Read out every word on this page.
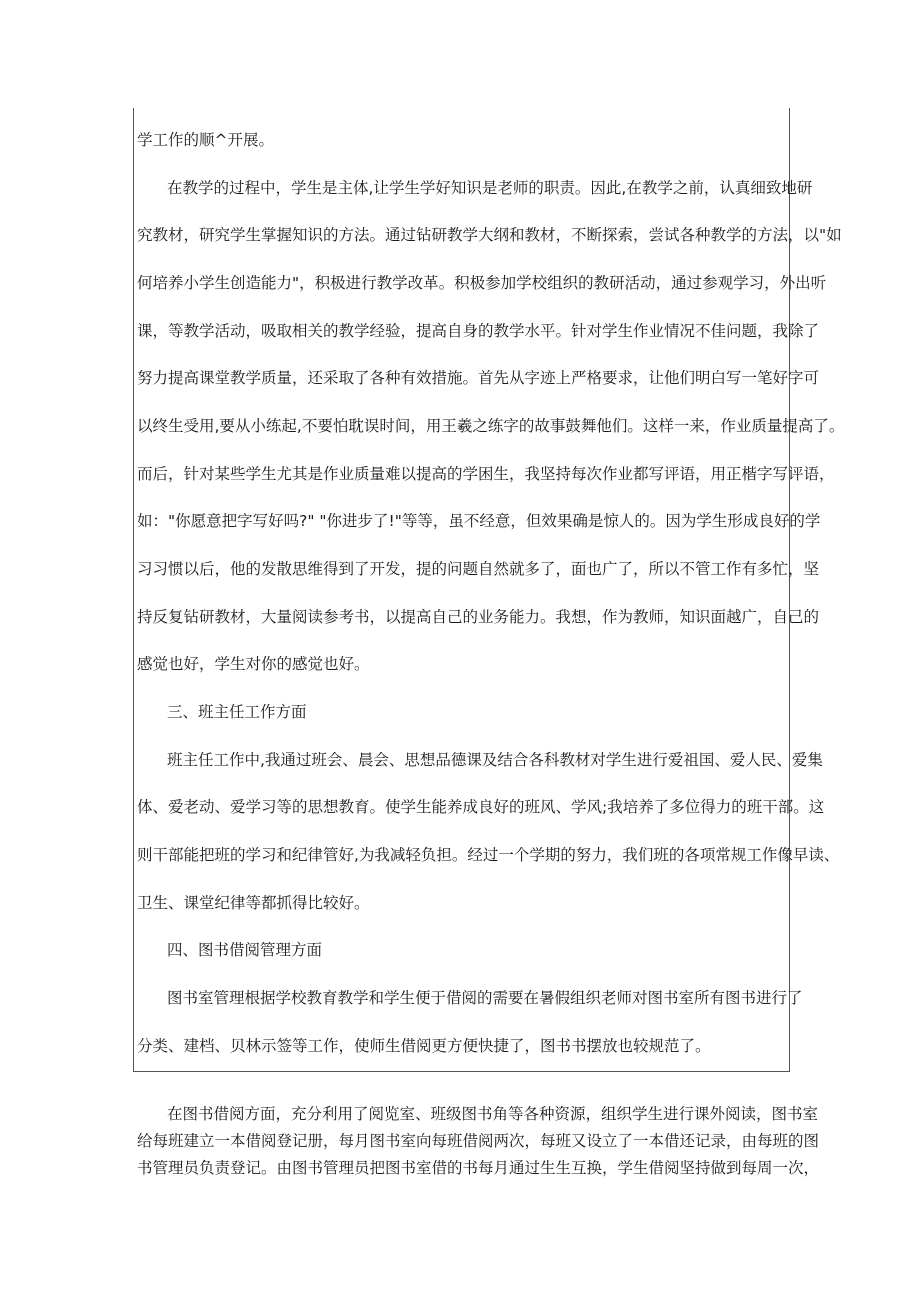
学工作的顺^开展。
在教学的过程中，学生是主体,让学生学好知识是老师的职责。因此,在教学之前，认真细致地研
究教材，研究学生掌握知识的方法。通过钻研教学大纲和教材，不断探索，尝试各种教学的方法，以"如
何培养小学生创造能力"，积极进行教学改革。积极参加学校组织的教研活动，通过参观学习，外出听
课，等教学活动，吸取相关的教学经验，提高自身的教学水平。针对学生作业情况不佳问题，我除了
努力提高课堂教学质量，还采取了各种有效措施。首先从字迹上严格要求，让他们明白写一笔好字可
以终生受用,要从小练起,不要怕耽误时间，用王羲之练字的故事鼓舞他们。这样一来，作业质量提高了。
而后，针对某些学生尤其是作业质量难以提高的学困生，我坚持每次作业都写评语，用正楷字写评语，
如："你愿意把字写好吗?" "你进步了!"等等，虽不经意，但效果确是惊人的。因为学生形成良好的学
习习惯以后，他的发散思维得到了开发，提的问题自然就多了，面也广了，所以不管工作有多忙，坚
持反复钻研教材，大量阅读参考书，以提高自己的业务能力。我想，作为教师，知识面越广，自己的
感觉也好，学生对你的感觉也好。
三、班主任工作方面
班主任工作中,我通过班会、晨会、思想品德课及结合各科教材对学生进行爱祖国、爱人民、爱集
体、爱老动、爱学习等的思想教育。使学生能养成良好的班风、学风;我培养了多位得力的班干部。这
则干部能把班的学习和纪律管好,为我减轻负担。经过一个学期的努力，我们班的各项常规工作像早读、
卫生、课堂纪律等都抓得比较好。
四、图书借阅管理方面
图书室管理根据学校教育教学和学生便于借阅的需要在暑假组织老师对图书室所有图书进行了
分类、建档、贝林示签等工作，使师生借阅更方便快捷了，图书书摆放也较规范了。
在图书借阅方面，充分利用了阅览室、班级图书角等各种资源，组织学生进行课外阅读，图书室
给每班建立一本借阅登记册，每月图书室向每班借阅两次，每班又设立了一本借还记录，由每班的图
书管理员负责登记。由图书管理员把图书室借的书每月通过生生互换，学生借阅坚持做到每周一次，
